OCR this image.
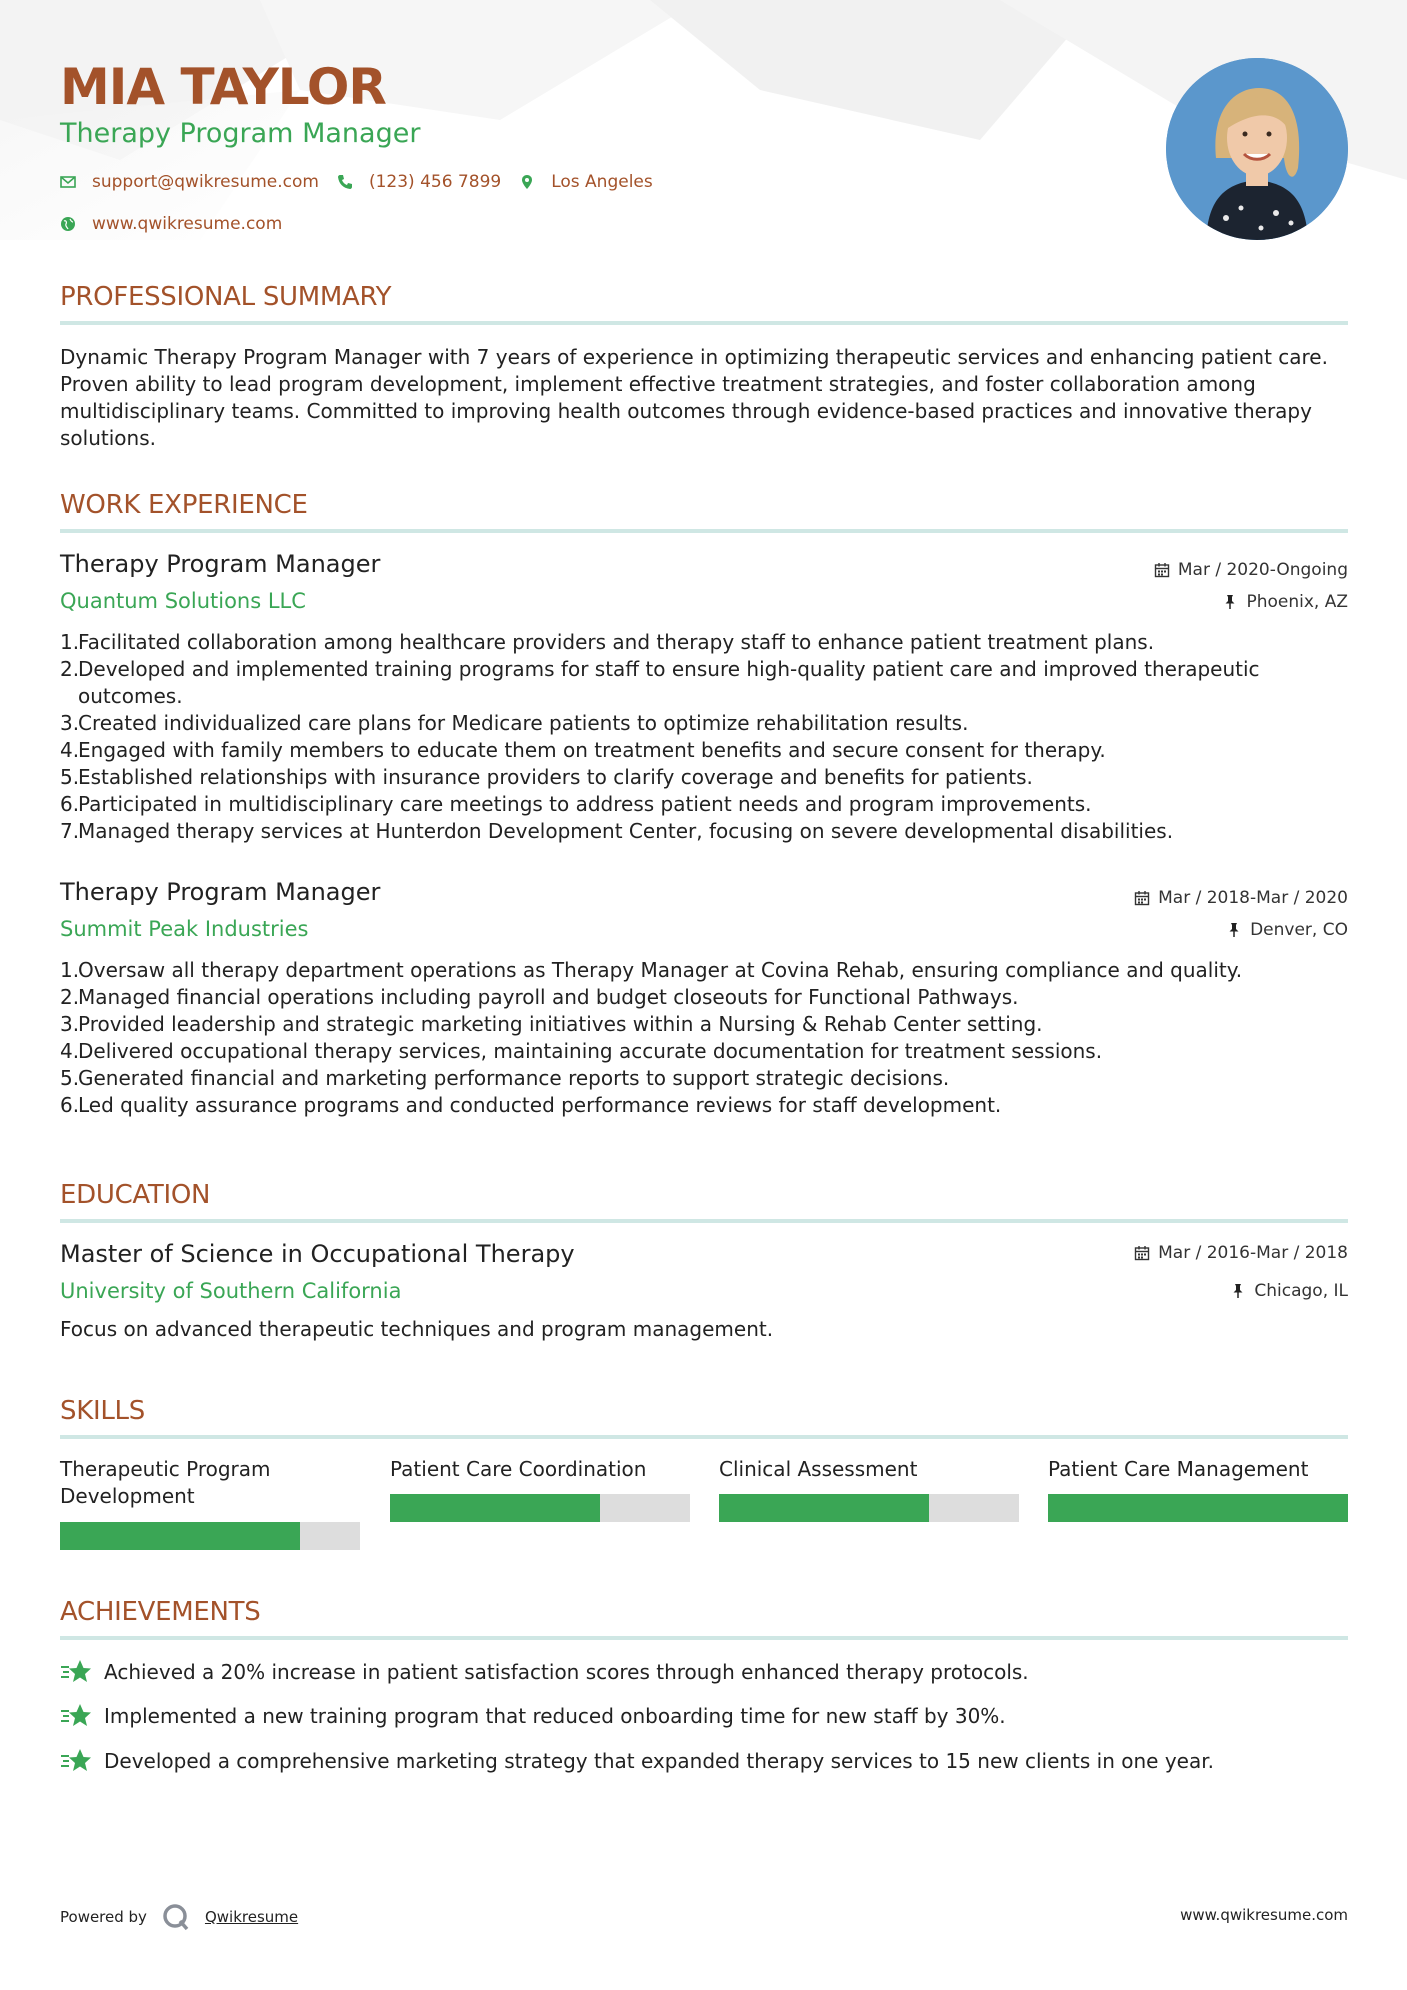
MIA TAYLOR
Therapy Program Manager
support@qwikresume.com	(123) 456 7899	Los Angeles
www.qwikresume.com
PROFESSIONAL SUMMARY
Dynamic Therapy Program Manager with 7 years of experience in optimizing therapeutic services and enhancing patient care. Proven ability to lead program development, implement effective treatment strategies, and foster collaboration among multidisciplinary teams. Committed to improving health outcomes through evidence-based practices and innovative therapy solutions.
WORK EXPERIENCE
Therapy Program Manager
Quantum Solutions LLC
Mar / 2020-Ongoing
Phoenix, AZ
1.
Facilitated collaboration among healthcare providers and therapy staff to enhance patient treatment plans.
2.
Developed and implemented training programs for staff to ensure high-quality patient care and improved therapeutic outcomes.
3.
Created individualized care plans for Medicare patients to optimize rehabilitation results.
4.
Engaged with family members to educate them on treatment benefits and secure consent for therapy.
5.
Established relationships with insurance providers to clarify coverage and benefits for patients.
6.
Participated in multidisciplinary care meetings to address patient needs and program improvements.
7.
Managed therapy services at Hunterdon Development Center, focusing on severe developmental disabilities.
Therapy Program Manager
Summit Peak Industries
Mar / 2018-Mar / 2020
Denver, CO
1.
Oversaw all therapy department operations as Therapy Manager at Covina Rehab, ensuring compliance and quality.
2.
Managed financial operations including payroll and budget closeouts for Functional Pathways.
3.
Provided leadership and strategic marketing initiatives within a Nursing & Rehab Center setting.
4.
Delivered occupational therapy services, maintaining accurate documentation for treatment sessions.
5.
Generated financial and marketing performance reports to support strategic decisions.
6.
Led quality assurance programs and conducted performance reviews for staff development.
EDUCATION
Master of Science in Occupational Therapy
University of Southern California
Mar / 2016-Mar / 2018
Chicago, IL
Focus on advanced therapeutic techniques and program management.
SKILLS
Therapeutic Program Development
Patient Care Coordination	Clinical Assessment	Patient Care Management
ACHIEVEMENTS
Achieved a 20% increase in patient satisfaction scores through enhanced therapy protocols.
Implemented a new training program that reduced onboarding time for new staff by 30%.
Developed a comprehensive marketing strategy that expanded therapy services to 15 new clients in one year.
Powered by	Qwikresume	www.qwikresume.com
